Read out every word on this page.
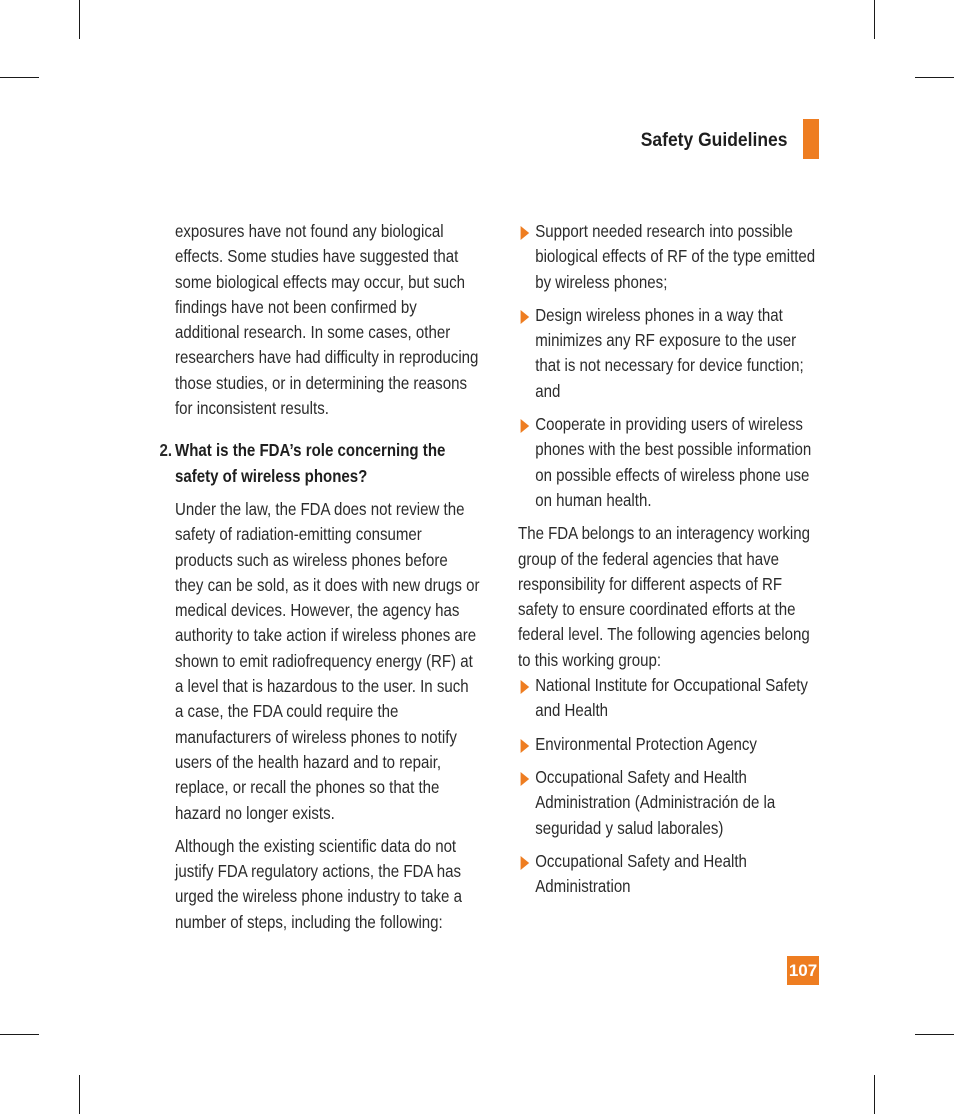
Safety Guidelines

exposures have not found any biological effects. Some studies have suggested that some biological effects may occur, but such findings have not been confirmed by additional research. In some cases, other researchers have had difficulty in reproducing those studies, or in determining the reasons for inconsistent results.

2. What is the FDA’s role concerning the safety of wireless phones?

Under the law, the FDA does not review the safety of radiation-emitting consumer products such as wireless phones before they can be sold, as it does with new drugs or medical devices. However, the agency has authority to take action if wireless phones are shown to emit radiofrequency energy (RF) at a level that is hazardous to the user. In such a case, the FDA could require the manufacturers of wireless phones to notify users of the health hazard and to repair, replace, or recall the phones so that the hazard no longer exists.

Although the existing scientific data do not justify FDA regulatory actions, the FDA has urged the wireless phone industry to take a number of steps, including the following:

Support needed research into possible biological effects of RF of the type emitted by wireless phones;
Design wireless phones in a way that minimizes any RF exposure to the user that is not necessary for device function; and
Cooperate in providing users of wireless phones with the best possible information on possible effects of wireless phone use on human health.

The FDA belongs to an interagency working group of the federal agencies that have responsibility for different aspects of RF safety to ensure coordinated efforts at the federal level. The following agencies belong to this working group:

National Institute for Occupational Safety and Health
Environmental Protection Agency
Occupational Safety and Health Administration (Administración de la seguridad y salud laborales)
Occupational Safety and Health Administration
107
